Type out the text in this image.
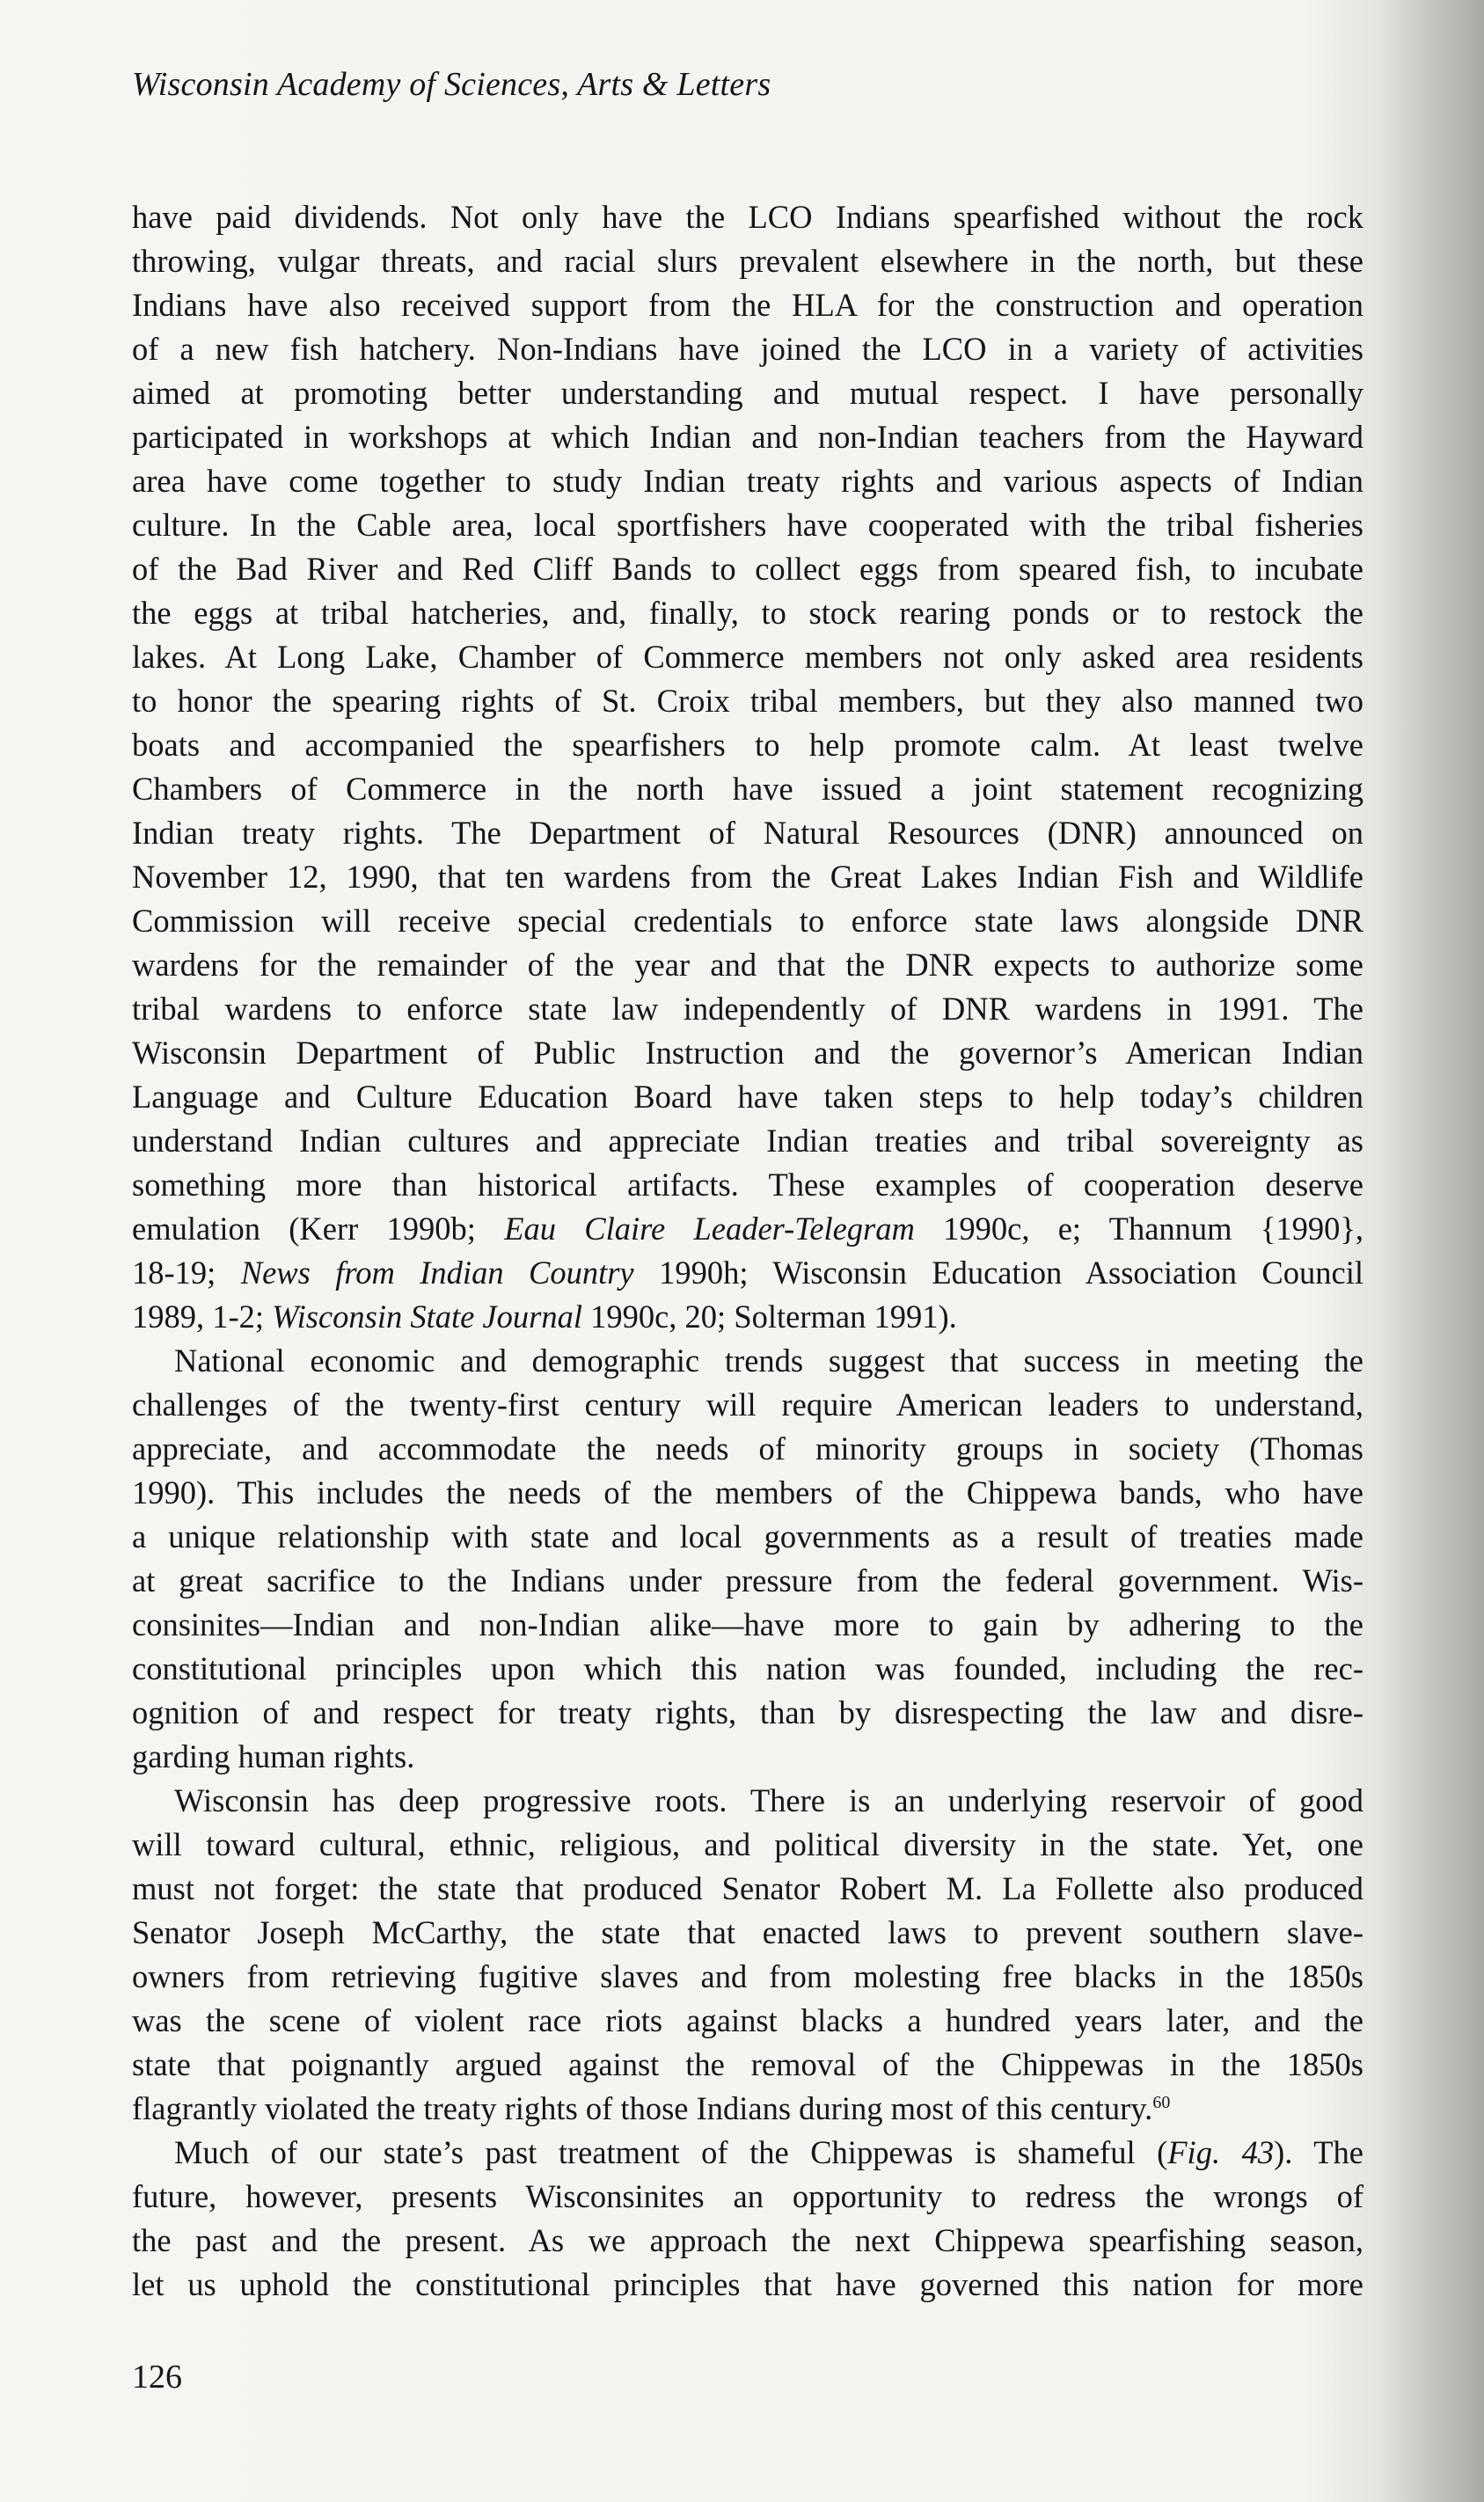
Wisconsin Academy of Sciences, Arts & Letters
have paid dividends. Not only have the LCO Indians spearfished without the rock
throwing, vulgar threats, and racial slurs prevalent elsewhere in the north, but these
Indians have also received support from the HLA for the construction and operation
of a new fish hatchery. Non-Indians have joined the LCO in a variety of activities
aimed at promoting better understanding and mutual respect. I have personally
participated in workshops at which Indian and non-Indian teachers from the Hayward
area have come together to study Indian treaty rights and various aspects of Indian
culture. In the Cable area, local sportfishers have cooperated with the tribal fisheries
of the Bad River and Red Cliff Bands to collect eggs from speared fish, to incubate
the eggs at tribal hatcheries, and, finally, to stock rearing ponds or to restock the
lakes. At Long Lake, Chamber of Commerce members not only asked area residents
to honor the spearing rights of St. Croix tribal members, but they also manned two
boats and accompanied the spearfishers to help promote calm. At least twelve
Chambers of Commerce in the north have issued a joint statement recognizing
Indian treaty rights. The Department of Natural Resources (DNR) announced on
November 12, 1990, that ten wardens from the Great Lakes Indian Fish and Wildlife
Commission will receive special credentials to enforce state laws alongside DNR
wardens for the remainder of the year and that the DNR expects to authorize some
tribal wardens to enforce state law independently of DNR wardens in 1991. The
Wisconsin Department of Public Instruction and the governor’s American Indian
Language and Culture Education Board have taken steps to help today’s children
understand Indian cultures and appreciate Indian treaties and tribal sovereignty as
something more than historical artifacts. These examples of cooperation deserve
emulation (Kerr 1990b; Eau Claire Leader-Telegram 1990c, e; Thannum {1990},
18-19; News from Indian Country 1990h; Wisconsin Education Association Council
1989, 1-2; Wisconsin State Journal 1990c, 20; Solterman 1991).
National economic and demographic trends suggest that success in meeting the
challenges of the twenty-first century will require American leaders to understand,
appreciate, and accommodate the needs of minority groups in society (Thomas
1990). This includes the needs of the members of the Chippewa bands, who have
a unique relationship with state and local governments as a result of treaties made
at great sacrifice to the Indians under pressure from the federal government. Wis-
consinites—Indian and non-Indian alike—have more to gain by adhering to the
constitutional principles upon which this nation was founded, including the rec-
ognition of and respect for treaty rights, than by disrespecting the law and disre-
garding human rights.
Wisconsin has deep progressive roots. There is an underlying reservoir of good
will toward cultural, ethnic, religious, and political diversity in the state. Yet, one
must not forget: the state that produced Senator Robert M. La Follette also produced
Senator Joseph McCarthy, the state that enacted laws to prevent southern slave-
owners from retrieving fugitive slaves and from molesting free blacks in the 1850s
was the scene of violent race riots against blacks a hundred years later, and the
state that poignantly argued against the removal of the Chippewas in the 1850s
flagrantly violated the treaty rights of those Indians during most of this century.$^{60}$
Much of our state’s past treatment of the Chippewas is shameful (Fig. 43). The
future, however, presents Wisconsinites an opportunity to redress the wrongs of
the past and the present. As we approach the next Chippewa spearfishing season,
let us uphold the constitutional principles that have governed this nation for more
126
